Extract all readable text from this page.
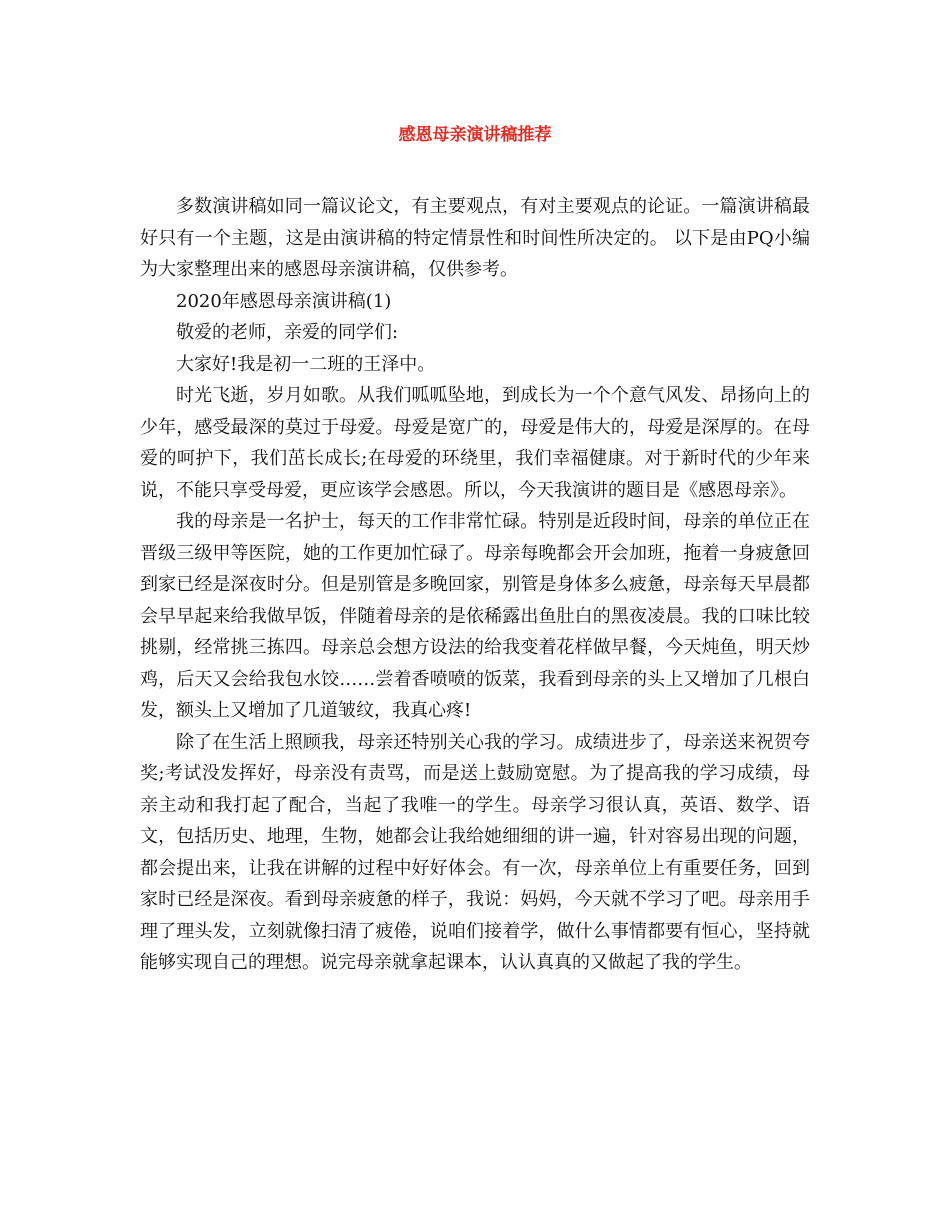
感恩母亲演讲稿推荐

多数演讲稿如同一篇议论文，有主要观点，有对主要观点的论证。一篇演讲稿最好只有一个主题，这是由演讲稿的特定情景性和时间性所决定的。 以下是由PQ小编为大家整理出来的感恩母亲演讲稿，仅供参考。

2020年感恩母亲演讲稿(1)

敬爱的老师，亲爱的同学们:

大家好!我是初一二班的王泽中。

时光飞逝，岁月如歌。从我们呱呱坠地，到成长为一个个意气风发、昂扬向上的少年，感受最深的莫过于母爱。母爱是宽广的，母爱是伟大的，母爱是深厚的。在母爱的呵护下，我们茁长成长;在母爱的环绕里，我们幸福健康。对于新时代的少年来说，不能只享受母爱，更应该学会感恩。所以，今天我演讲的题目是《感恩母亲》。

我的母亲是一名护士，每天的工作非常忙碌。特别是近段时间，母亲的单位正在晋级三级甲等医院，她的工作更加忙碌了。母亲每晚都会开会加班，拖着一身疲惫回到家已经是深夜时分。但是别管是多晚回家，别管是身体多么疲惫，母亲每天早晨都会早早起来给我做早饭，伴随着母亲的是依稀露出鱼肚白的黑夜凌晨。我的口味比较挑剔，经常挑三拣四。母亲总会想方设法的给我变着花样做早餐，今天炖鱼，明天炒鸡，后天又会给我包水饺……尝着香喷喷的饭菜，我看到母亲的头上又增加了几根白发，额头上又增加了几道皱纹，我真心疼!

除了在生活上照顾我，母亲还特别关心我的学习。成绩进步了，母亲送来祝贺夸奖;考试没发挥好，母亲没有责骂，而是送上鼓励宽慰。为了提高我的学习成绩，母亲主动和我打起了配合，当起了我唯一的学生。母亲学习很认真，英语、数学、语文，包括历史、地理，生物，她都会让我给她细细的讲一遍，针对容易出现的问题，都会提出来，让我在讲解的过程中好好体会。有一次，母亲单位上有重要任务，回到家时已经是深夜。看到母亲疲惫的样子，我说：妈妈，今天就不学习了吧。母亲用手理了理头发，立刻就像扫清了疲倦，说咱们接着学，做什么事情都要有恒心，坚持就能够实现自己的理想。说完母亲就拿起课本，认认真真的又做起了我的学生。
